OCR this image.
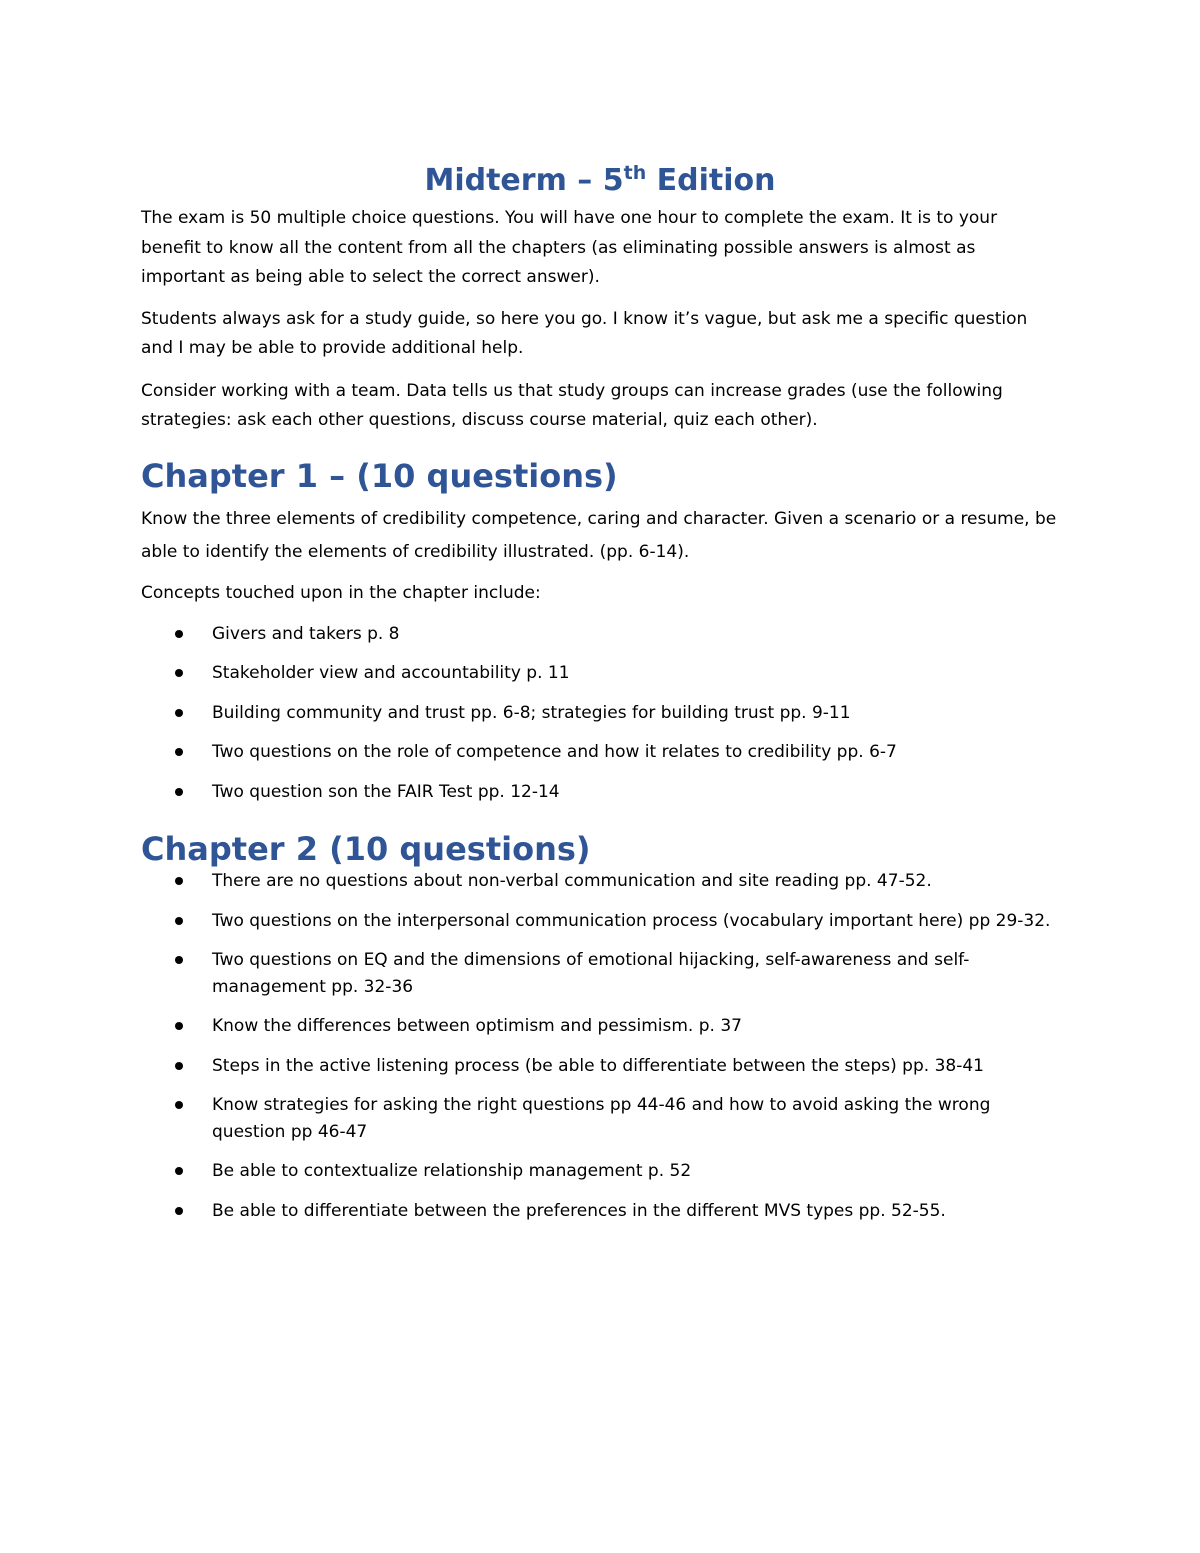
Midterm – 5th Edition

The exam is 50 multiple choice questions. You will have one hour to complete the exam. It is to your benefit to know all the content from all the chapters (as eliminating possible answers is almost as important as being able to select the correct answer).

Students always ask for a study guide, so here you go. I know it’s vague, but ask me a specific question and I may be able to provide additional help.

Consider working with a team. Data tells us that study groups can increase grades (use the following strategies: ask each other questions, discuss course material, quiz each other).

Chapter 1 – (10 questions)

Know the three elements of credibility competence, caring and character. Given a scenario or a resume, be able to identify the elements of credibility illustrated. (pp. 6-14).

Concepts touched upon in the chapter include:

Givers and takers p. 8
Stakeholder view and accountability p. 11
Building community and trust pp. 6-8; strategies for building trust pp. 9-11
Two questions on the role of competence and how it relates to credibility pp. 6-7
Two question son the FAIR Test pp. 12-14
Chapter 2 (10 questions)
There are no questions about non-verbal communication and site reading pp. 47-52.
Two questions on the interpersonal communication process (vocabulary important here) pp 29-32.
Two questions on EQ and the dimensions of emotional hijacking, self-awareness and self-management pp. 32-36
Know the differences between optimism and pessimism. p. 37
Steps in the active listening process (be able to differentiate between the steps) pp. 38-41
Know strategies for asking the right questions pp 44-46 and how to avoid asking the wrong question pp 46-47
Be able to contextualize relationship management p. 52
Be able to differentiate between the preferences in the different MVS types pp. 52-55.
